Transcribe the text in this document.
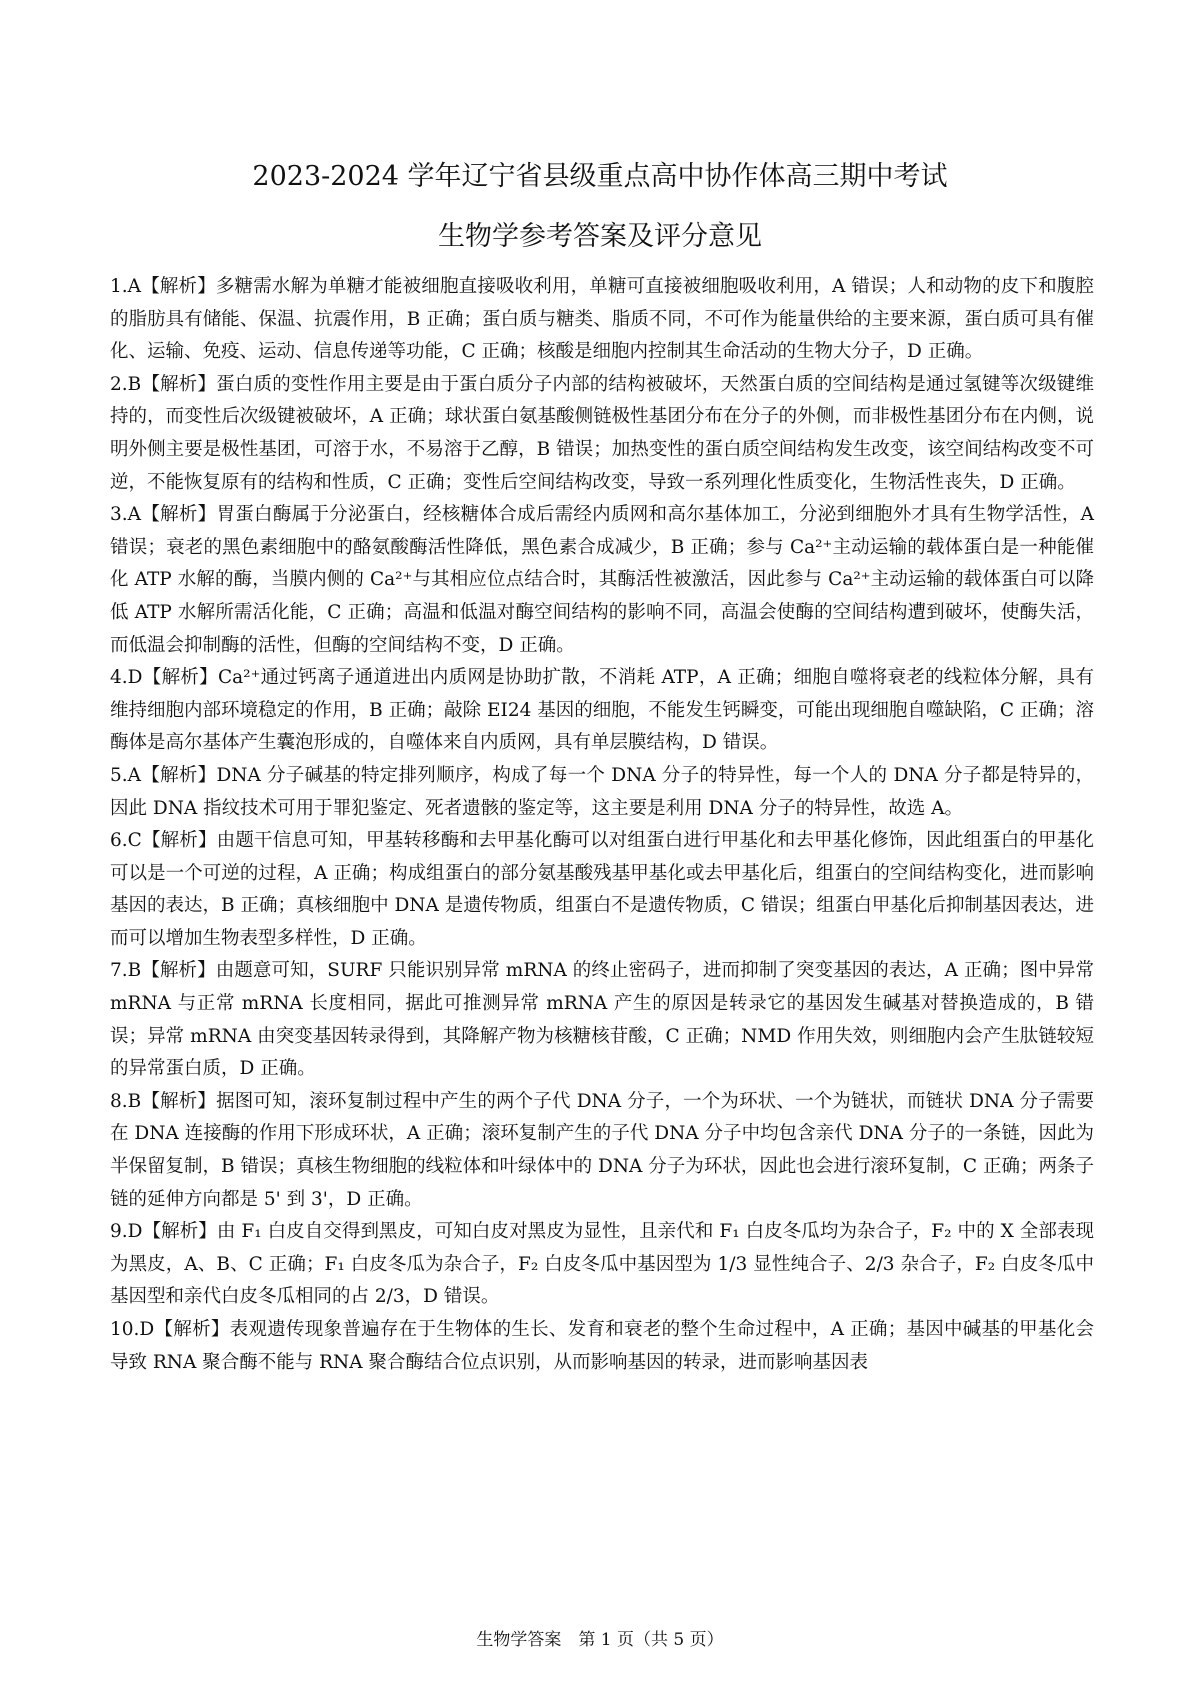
2023-2024 学年辽宁省县级重点高中协作体高三期中考试
生物学参考答案及评分意见

1.A【解析】多糖需水解为单糖才能被细胞直接吸收利用，单糖可直接被细胞吸收利用，A 错误；人和动物的皮下和腹腔的脂肪具有储能、保温、抗震作用，B 正确；蛋白质与糖类、脂质不同，不可作为能量供给的主要来源，蛋白质可具有催化、运输、免疫、运动、信息传递等功能，C 正确；核酸是细胞内控制其生命活动的生物大分子，D 正确。

2.B【解析】蛋白质的变性作用主要是由于蛋白质分子内部的结构被破坏，天然蛋白质的空间结构是通过氢键等次级键维持的，而变性后次级键被破坏，A 正确；球状蛋白氨基酸侧链极性基团分布在分子的外侧，而非极性基团分布在内侧，说明外侧主要是极性基团，可溶于水，不易溶于乙醇，B 错误；加热变性的蛋白质空间结构发生改变，该空间结构改变不可逆，不能恢复原有的结构和性质，C 正确；变性后空间结构改变，导致一系列理化性质变化，生物活性丧失，D 正确。

3.A【解析】胃蛋白酶属于分泌蛋白，经核糖体合成后需经内质网和高尔基体加工，分泌到细胞外才具有生物学活性，A 错误；衰老的黑色素细胞中的酪氨酸酶活性降低，黑色素合成减少，B 正确；参与 Ca²⁺主动运输的载体蛋白是一种能催化 ATP 水解的酶，当膜内侧的 Ca²⁺与其相应位点结合时，其酶活性被激活，因此参与 Ca²⁺主动运输的载体蛋白可以降低 ATP 水解所需活化能，C 正确；高温和低温对酶空间结构的影响不同，高温会使酶的空间结构遭到破坏，使酶失活，而低温会抑制酶的活性，但酶的空间结构不变，D 正确。

4.D【解析】Ca²⁺通过钙离子通道进出内质网是协助扩散，不消耗 ATP，A 正确；细胞自噬将衰老的线粒体分解，具有维持细胞内部环境稳定的作用，B 正确；敲除 EI24 基因的细胞，不能发生钙瞬变，可能出现细胞自噬缺陷，C 正确；溶酶体是高尔基体产生囊泡形成的，自噬体来自内质网，具有单层膜结构，D 错误。

5.A【解析】DNA 分子碱基的特定排列顺序，构成了每一个 DNA 分子的特异性，每一个人的 DNA 分子都是特异的，因此 DNA 指纹技术可用于罪犯鉴定、死者遗骸的鉴定等，这主要是利用 DNA 分子的特异性，故选 A。

6.C【解析】由题干信息可知，甲基转移酶和去甲基化酶可以对组蛋白进行甲基化和去甲基化修饰，因此组蛋白的甲基化可以是一个可逆的过程，A 正确；构成组蛋白的部分氨基酸残基甲基化或去甲基化后，组蛋白的空间结构变化，进而影响基因的表达，B 正确；真核细胞中 DNA 是遗传物质，组蛋白不是遗传物质，C 错误；组蛋白甲基化后抑制基因表达，进而可以增加生物表型多样性，D 正确。

7.B【解析】由题意可知，SURF 只能识别异常 mRNA 的终止密码子，进而抑制了突变基因的表达，A 正确；图中异常 mRNA 与正常 mRNA 长度相同，据此可推测异常 mRNA 产生的原因是转录它的基因发生碱基对替换造成的，B 错误；异常 mRNA 由突变基因转录得到，其降解产物为核糖核苷酸，C 正确；NMD 作用失效，则细胞内会产生肽链较短的异常蛋白质，D 正确。

8.B【解析】据图可知，滚环复制过程中产生的两个子代 DNA 分子，一个为环状、一个为链状，而链状 DNA 分子需要在 DNA 连接酶的作用下形成环状，A 正确；滚环复制产生的子代 DNA 分子中均包含亲代 DNA 分子的一条链，因此为半保留复制，B 错误；真核生物细胞的线粒体和叶绿体中的 DNA 分子为环状，因此也会进行滚环复制，C 正确；两条子链的延伸方向都是 5' 到 3'，D 正确。

9.D【解析】由 F₁ 白皮自交得到黑皮，可知白皮对黑皮为显性，且亲代和 F₁ 白皮冬瓜均为杂合子，F₂ 中的 X 全部表现为黑皮，A、B、C 正确；F₁ 白皮冬瓜为杂合子，F₂ 白皮冬瓜中基因型为 1/3 显性纯合子、2/3 杂合子，F₂ 白皮冬瓜中基因型和亲代白皮冬瓜相同的占 2/3，D 错误。

10.D【解析】表观遗传现象普遍存在于生物体的生长、发育和衰老的整个生命过程中，A 正确；基因中碱基的甲基化会导致 RNA 聚合酶不能与 RNA 聚合酶结合位点识别，从而影响基因的转录，进而影响基因表

生物学答案　第 1 页（共 5 页）
